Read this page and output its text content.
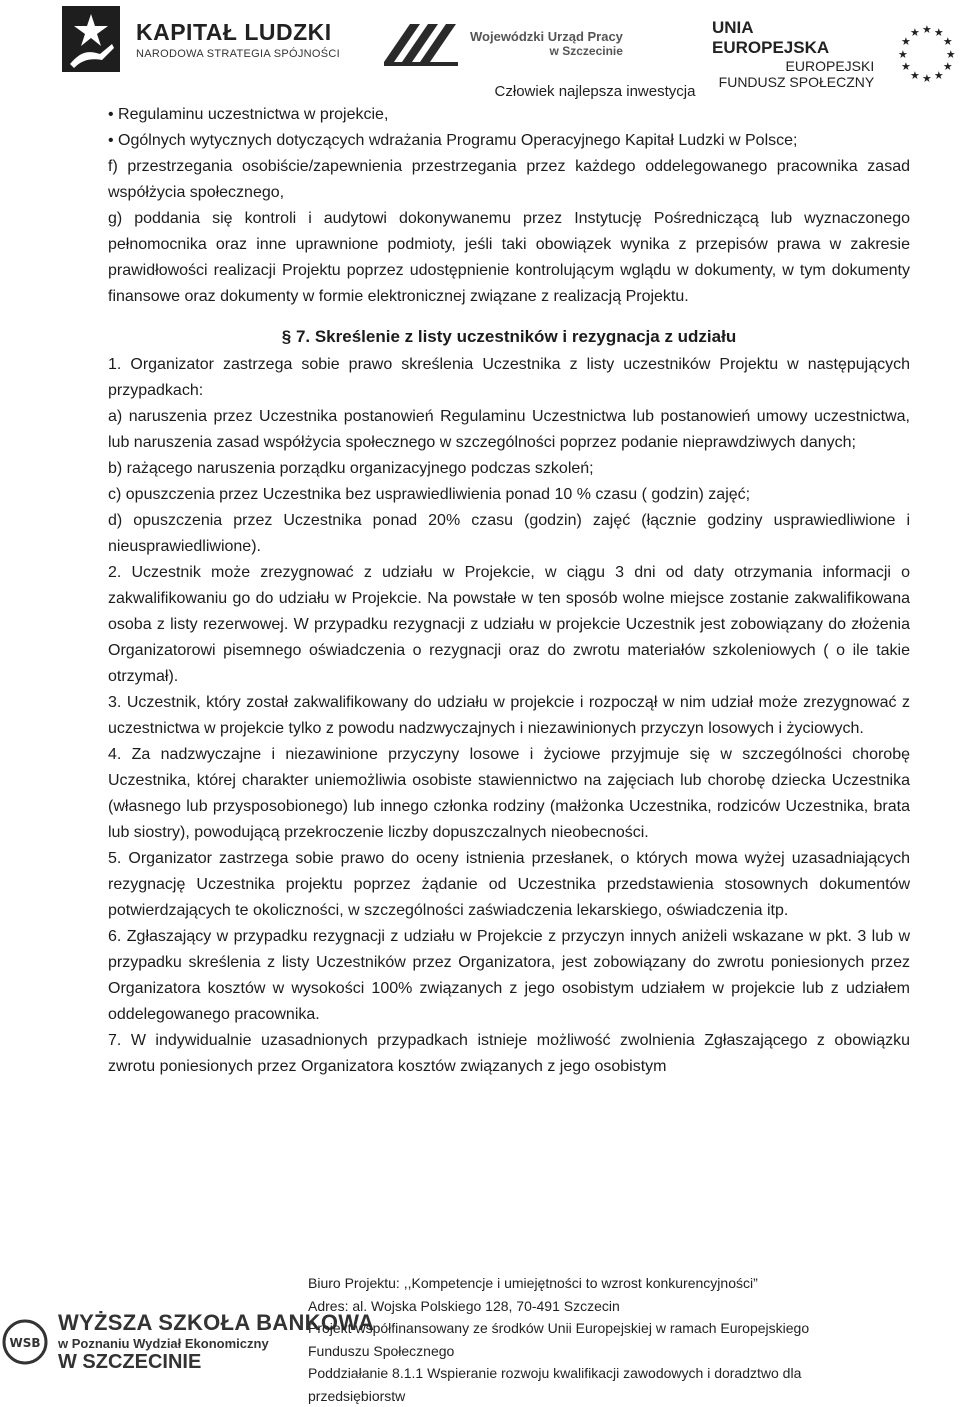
KAPITAŁ LUDZKI
NARODOWA STRATEGIA SPÓJNOŚCI
Wojewódzki Urząd Pracy
w Szczecinie
UNIA EUROPEJSKA
EUROPEJSKI
FUNDUSZ SPOŁECZNY
★ ★
★
★
★
★
★
★
★
★
★
★
Człowiek najlepsza inwestycja

• Regulaminu uczestnictwa w projekcie,

• Ogólnych wytycznych dotyczących wdrażania Programu Operacyjnego Kapitał Ludzki w Polsce;

f) przestrzegania osobiście/zapewnienia przestrzegania przez każdego oddelegowanego pracownika zasad współżycia społecznego,

g) poddania się kontroli i audytowi dokonywanemu przez Instytucję Pośredniczącą lub wyznaczonego pełnomocnika oraz inne uprawnione podmioty, jeśli taki obowiązek wynika z przepisów prawa w zakresie prawidłowości realizacji Projektu poprzez udostępnienie kontrolującym wglądu w dokumenty, w tym dokumenty finansowe oraz dokumenty w formie elektronicznej związane z realizacją Projektu.

§ 7. Skreślenie z listy uczestników i rezygnacja z udziału

1. Organizator zastrzega sobie prawo skreślenia Uczestnika z listy uczestników Projektu w następujących przypadkach:

a) naruszenia przez Uczestnika postanowień Regulaminu Uczestnictwa lub postanowień umowy uczestnictwa, lub naruszenia zasad współżycia społecznego w szczególności poprzez podanie nieprawdziwych danych;

b) rażącego naruszenia porządku organizacyjnego podczas szkoleń;

c) opuszczenia przez Uczestnika bez usprawiedliwienia ponad 10 % czasu ( godzin) zajęć;

d) opuszczenia przez Uczestnika ponad 20% czasu (godzin) zajęć (łącznie godziny usprawiedliwione i nieusprawiedliwione).

2. Uczestnik może zrezygnować z udziału w Projekcie, w ciągu 3 dni od daty otrzymania informacji o zakwalifikowaniu go do udziału w Projekcie. Na powstałe w ten sposób wolne miejsce zostanie zakwalifikowana osoba z listy rezerwowej. W przypadku rezygnacji z udziału w projekcie Uczestnik jest zobowiązany do złożenia Organizatorowi pisemnego oświadczenia o rezygnacji oraz do zwrotu materiałów szkoleniowych ( o ile takie otrzymał).

3. Uczestnik, który został zakwalifikowany do udziału w projekcie i rozpoczął w nim udział może zrezygnować z uczestnictwa w projekcie tylko z powodu nadzwyczajnych i niezawinionych przyczyn losowych i życiowych.

4. Za nadzwyczajne i niezawinione przyczyny losowe i życiowe przyjmuje się w szczególności chorobę Uczestnika, której charakter uniemożliwia osobiste stawiennictwo na zajęciach lub chorobę dziecka Uczestnika (własnego lub przysposobionego) lub innego członka rodziny (małżonka Uczestnika, rodziców Uczestnika, brata lub siostry), powodującą przekroczenie liczby dopuszczalnych nieobecności.

5. Organizator zastrzega sobie prawo do oceny istnienia przesłanek, o których mowa wyżej uzasadniających rezygnację Uczestnika projektu poprzez żądanie od Uczestnika przedstawienia stosownych dokumentów potwierdzających te okoliczności, w szczególności zaświadczenia lekarskiego, oświadczenia itp.

6. Zgłaszający w przypadku rezygnacji z udziału w Projekcie z przyczyn innych aniżeli wskazane w pkt. 3 lub w przypadku skreślenia z listy Uczestników przez Organizatora, jest zobowiązany do zwrotu poniesionych przez Organizatora kosztów w wysokości 100% związanych z jego osobistym udziałem w projekcie lub z udziałem oddelegowanego pracownika.

7. W indywidualnie uzasadnionych przypadkach istnieje możliwość zwolnienia Zgłaszającego z obowiązku zwrotu poniesionych przez Organizatora kosztów związanych z jego osobistym

WSB
WYŻSZA SZKOŁA BANKOWA
w Poznaniu Wydział Ekonomiczny
W SZCZECINIE
Biuro Projektu: ,,Kompetencje i umiejętności to wzrost konkurencyjności”
Adres: al. Wojska Polskiego 128, 70-491 Szczecin
Projekt współfinansowany ze środków Unii Europejskiej w ramach Europejskiego
Funduszu Społecznego
Poddziałanie 8.1.1 Wspieranie rozwoju kwalifikacji zawodowych i doradztwo dla
przedsiębiorstw
